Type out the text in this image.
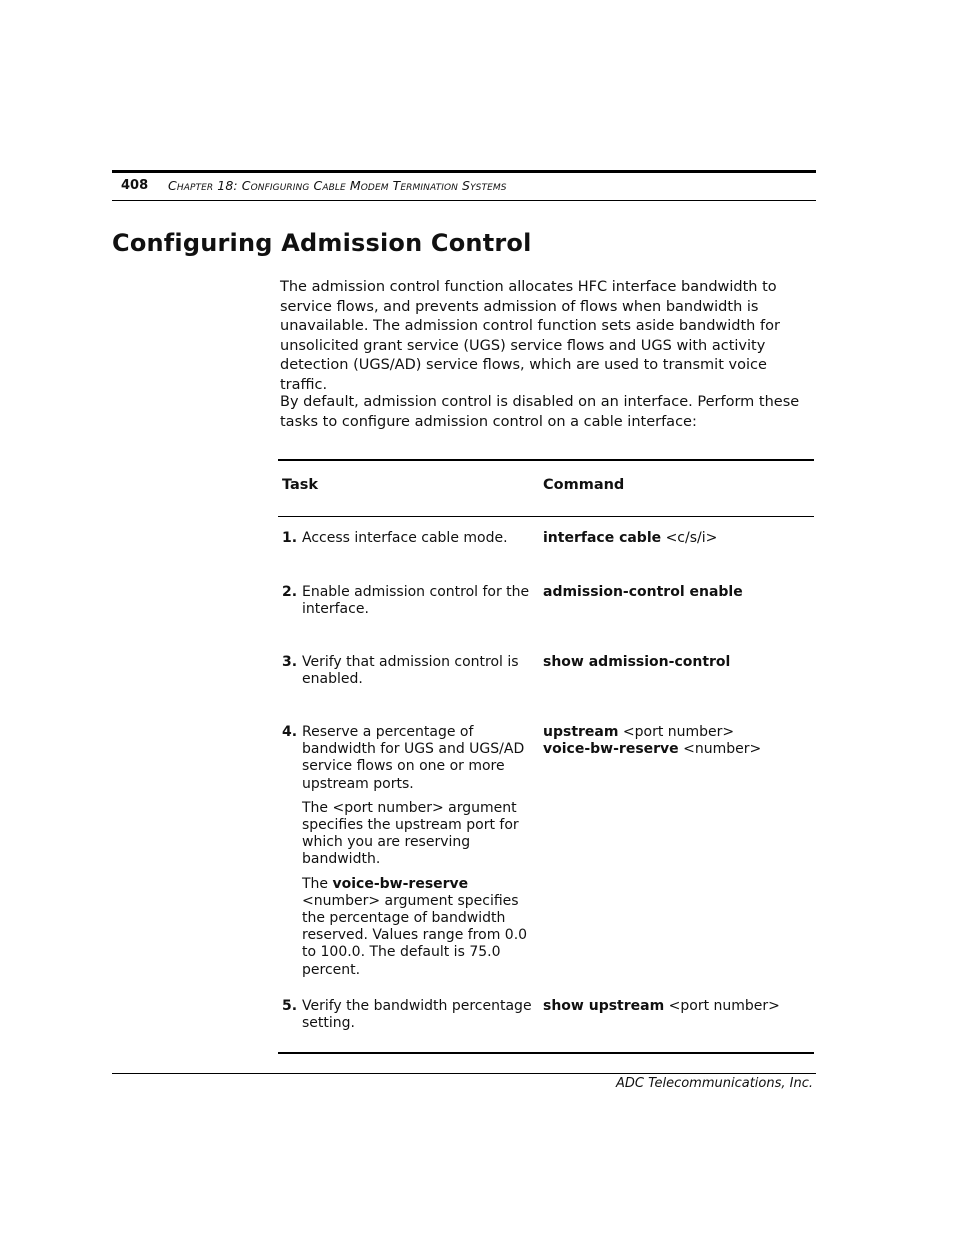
408 Chapter 18: Configuring Cable Modem Termination Systems
Configuring Admission Control

The admission control function allocates HFC interface bandwidth to service flows, and prevents admission of flows when bandwidth is unavailable. The admission control function sets aside bandwidth for unsolicited grant service (UGS) service flows and UGS with activity detection (UGS/AD) service flows, which are used to transmit voice traffic.

By default, admission control is disabled on an interface. Perform these tasks to configure admission control on a cable interface:

Task	Command
1. Access interface cable mode.	interface cable <c/s/i>
2. Enable admission control for the interface.
admission-control enable
3. Verify that admission control is enabled.
show admission-control
4. Reserve a percentage of bandwidth for UGS and UGS/AD service flows on one or more upstream ports.

The <port number> argument specifies the upstream port for which you are reserving bandwidth.

The voice-bw-reserve <number> argument specifies the percentage of bandwidth reserved. Values range from 0.0 to 100.0. The default is 75.0 percent.

upstream <port number>
voice-bw-reserve <number>
5. Verify the bandwidth percentage setting.
show upstream <port number>
ADC Telecommunications, Inc.
